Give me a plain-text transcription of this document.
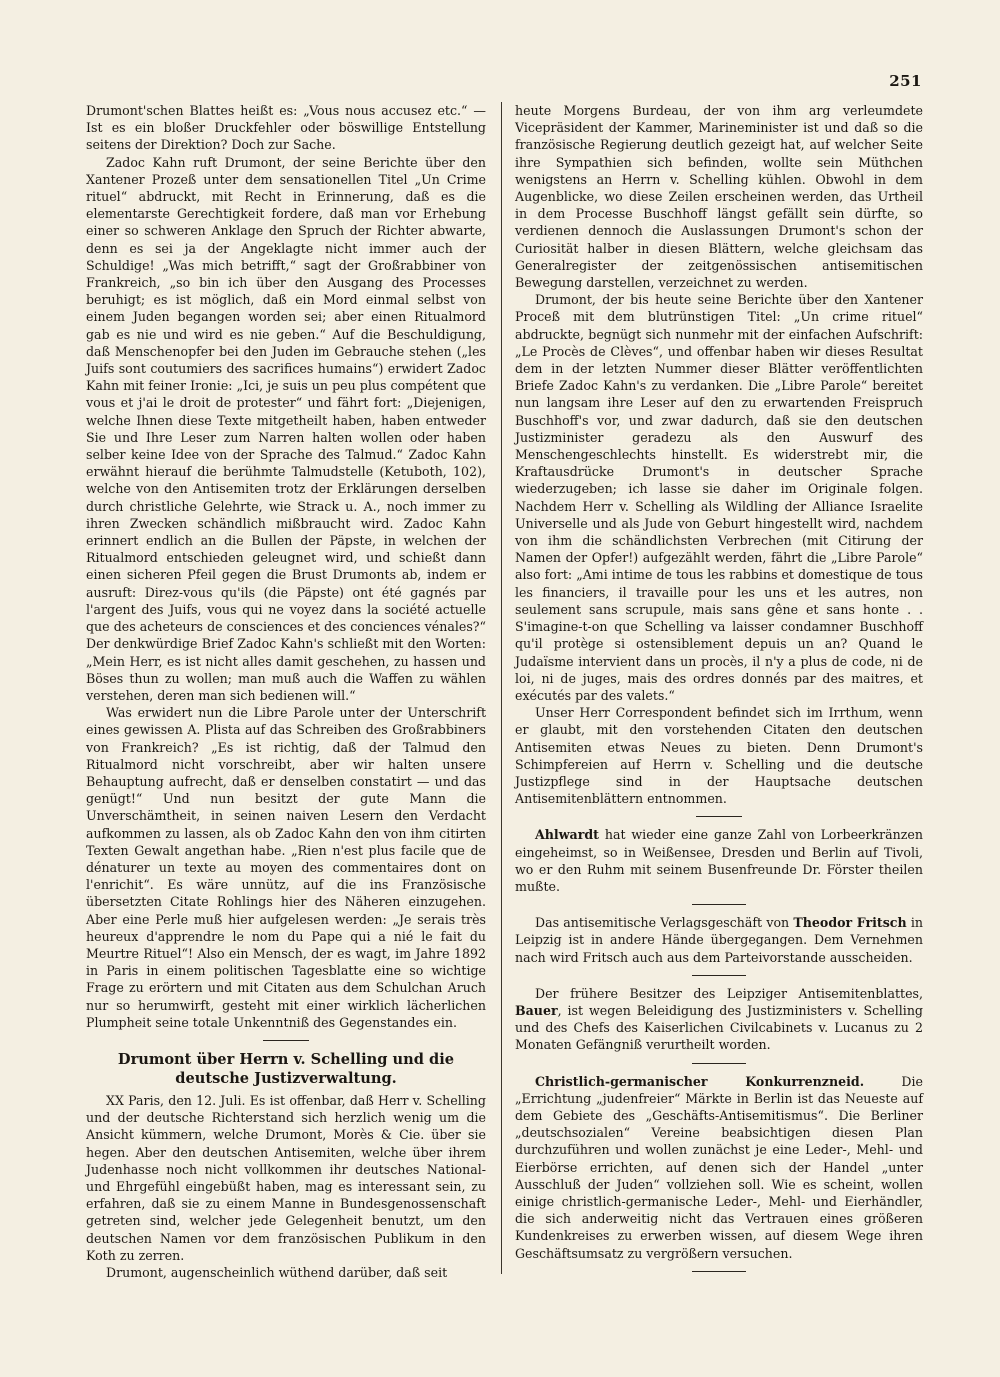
251

Drumont'schen Blattes heißt es: „Vous nous accusez etc.“ — Ist es ein bloßer Druckfehler oder böswillige Entstellung seitens der Direktion? Doch zur Sache.

Zadoc Kahn ruft Drumont, der seine Berichte über den Xantener Prozeß unter dem sensationellen Titel „Un Crime rituel“ abdruckt, mit Recht in Erinnerung, daß es die elementarste Gerechtigkeit fordere, daß man vor Erhebung einer so schweren Anklage den Spruch der Richter abwarte, denn es sei ja der Angeklagte nicht immer auch der Schuldige! „Was mich betrifft,“ sagt der Großrabbiner von Frankreich, „so bin ich über den Ausgang des Processes beruhigt; es ist möglich, daß ein Mord einmal selbst von einem Juden begangen worden sei; aber einen Ritualmord gab es nie und wird es nie geben.“ Auf die Beschuldigung, daß Menschenopfer bei den Juden im Gebrauche stehen („les Juifs sont coutumiers des sacrifices humains“) erwidert Zadoc Kahn mit feiner Ironie: „Ici, je suis un peu plus compétent que vous et j'ai le droit de protester“ und fährt fort: „Diejenigen, welche Ihnen diese Texte mitgetheilt haben, haben entweder Sie und Ihre Leser zum Narren halten wollen oder haben selber keine Idee von der Sprache des Talmud.“ Zadoc Kahn erwähnt hierauf die berühmte Talmudstelle (Ketuboth, 102), welche von den Antisemiten trotz der Erklärungen derselben durch christliche Gelehrte, wie Strack u. A., noch immer zu ihren Zwecken schändlich mißbraucht wird. Zadoc Kahn erinnert endlich an die Bullen der Päpste, in welchen der Ritualmord entschieden geleugnet wird, und schießt dann einen sicheren Pfeil gegen die Brust Drumonts ab, indem er ausruft: Direz-vous qu'ils (die Päpste) ont été gagnés par l'argent des Juifs, vous qui ne voyez dans la société actuelle que des acheteurs de consciences et des conciences vénales?“ Der denkwürdige Brief Zadoc Kahn's schließt mit den Worten: „Mein Herr, es ist nicht alles damit geschehen, zu hassen und Böses thun zu wollen; man muß auch die Waffen zu wählen verstehen, deren man sich bedienen will.“

Was erwidert nun die Libre Parole unter der Unterschrift eines gewissen A. Plista auf das Schreiben des Großrabbiners von Frankreich? „Es ist richtig, daß der Talmud den Ritualmord nicht vorschreibt, aber wir halten unsere Behauptung aufrecht, daß er denselben constatirt — und das genügt!“ Und nun besitzt der gute Mann die Unverschämtheit, in seinen naiven Lesern den Verdacht aufkommen zu lassen, als ob Zadoc Kahn den von ihm citirten Texten Gewalt angethan habe. „Rien n'est plus facile que de dénaturer un texte au moyen des commentaires dont on l'enrichit“. Es wäre unnütz, auf die ins Französische übersetzten Citate Rohlings hier des Näheren einzugehen. Aber eine Perle muß hier aufgelesen werden: „Je serais très heureux d'apprendre le nom du Pape qui a nié le fait du Meurtre Rituel“! Also ein Mensch, der es wagt, im Jahre 1892 in Paris in einem politischen Tagesblatte eine so wichtige Frage zu erörtern und mit Citaten aus dem Schulchan Aruch nur so herumwirft, gesteht mit einer wirklich lächerlichen Plumpheit seine totale Unkenntniß des Gegenstandes ein.

Drumont über Herrn v. Schelling und die deutsche Justizverwaltung.

XX Paris, den 12. Juli. Es ist offenbar, daß Herr v. Schelling und der deutsche Richterstand sich herzlich wenig um die Ansicht kümmern, welche Drumont, Morès & Cie. über sie hegen. Aber den deutschen Antisemiten, welche über ihrem Judenhasse noch nicht vollkommen ihr deutsches National- und Ehrgefühl eingebüßt haben, mag es interessant sein, zu erfahren, daß sie zu einem Manne in Bundesgenossenschaft getreten sind, welcher jede Gelegenheit benutzt, um den deutschen Namen vor dem französischen Publikum in den Koth zu zerren.

Drumont, augenscheinlich wüthend darüber, daß seit

heute Morgens Burdeau, der von ihm arg verleumdete Vicepräsident der Kammer, Marineminister ist und daß so die französische Regierung deutlich gezeigt hat, auf welcher Seite ihre Sympathien sich befinden, wollte sein Müthchen wenigstens an Herrn v. Schelling kühlen. Obwohl in dem Augenblicke, wo diese Zeilen erscheinen werden, das Urtheil in dem Processe Buschhoff längst gefällt sein dürfte, so verdienen dennoch die Auslassungen Drumont's schon der Curiosität halber in diesen Blättern, welche gleichsam das Generalregister der zeitgenössischen antisemitischen Bewegung darstellen, verzeichnet zu werden.

Drumont, der bis heute seine Berichte über den Xantener Proceß mit dem blutrünstigen Titel: „Un crime rituel“ abdruckte, begnügt sich nunmehr mit der einfachen Aufschrift: „Le Procès de Clèves“, und offenbar haben wir dieses Resultat dem in der letzten Nummer dieser Blätter veröffentlichten Briefe Zadoc Kahn's zu verdanken. Die „Libre Parole“ bereitet nun langsam ihre Leser auf den zu erwartenden Freispruch Buschhoff's vor, und zwar dadurch, daß sie den deutschen Justizminister geradezu als den Auswurf des Menschengeschlechts hinstellt. Es widerstrebt mir, die Kraftausdrücke Drumont's in deutscher Sprache wiederzugeben; ich lasse sie daher im Originale folgen. Nachdem Herr v. Schelling als Wildling der Alliance Israelite Universelle und als Jude von Geburt hingestellt wird, nachdem von ihm die schändlichsten Verbrechen (mit Citirung der Namen der Opfer!) aufgezählt werden, fährt die „Libre Parole“ also fort: „Ami intime de tous les rabbins et domestique de tous les financiers, il travaille pour les uns et les autres, non seulement sans scrupule, mais sans gêne et sans honte . . S'imagine-t-on que Schelling va laisser condamner Buschhoff qu'il protège si ostensiblement depuis un an? Quand le Judaïsme intervient dans un procès, il n'y a plus de code, ni de loi, ni de juges, mais des ordres donnés par des maitres, et exécutés par des valets.“

Unser Herr Correspondent befindet sich im Irrthum, wenn er glaubt, mit den vorstehenden Citaten den deutschen Antisemiten etwas Neues zu bieten. Denn Drumont's Schimpfereien auf Herrn v. Schelling und die deutsche Justizpflege sind in der Hauptsache deutschen Antisemitenblättern entnommen.

Ahlwardt hat wieder eine ganze Zahl von Lorbeerkränzen eingeheimst, so in Weißensee, Dresden und Berlin auf Tivoli, wo er den Ruhm mit seinem Busenfreunde Dr. Förster theilen mußte.

Das antisemitische Verlagsgeschäft von Theodor Fritsch in Leipzig ist in andere Hände übergegangen. Dem Vernehmen nach wird Fritsch auch aus dem Parteivorstande ausscheiden.

Der frühere Besitzer des Leipziger Antisemitenblattes, Bauer, ist wegen Beleidigung des Justizministers v. Schelling und des Chefs des Kaiserlichen Civilcabinets v. Lucanus zu 2 Monaten Gefängniß verurtheilt worden.

Christlich-germanischer Konkurrenzneid. Die „Errichtung „judenfreier“ Märkte in Berlin ist das Neueste auf dem Gebiete des „Geschäfts-Antisemitismus“. Die Berliner „deutschsozialen“ Vereine beabsichtigen diesen Plan durchzuführen und wollen zunächst je eine Leder-, Mehl- und Eierbörse errichten, auf denen sich der Handel „unter Ausschluß der Juden“ vollziehen soll. Wie es scheint, wollen einige christlich-germanische Leder-, Mehl- und Eierhändler, die sich anderweitig nicht das Vertrauen eines größeren Kundenkreises zu erwerben wissen, auf diesem Wege ihren Geschäftsumsatz zu vergrößern versuchen.
